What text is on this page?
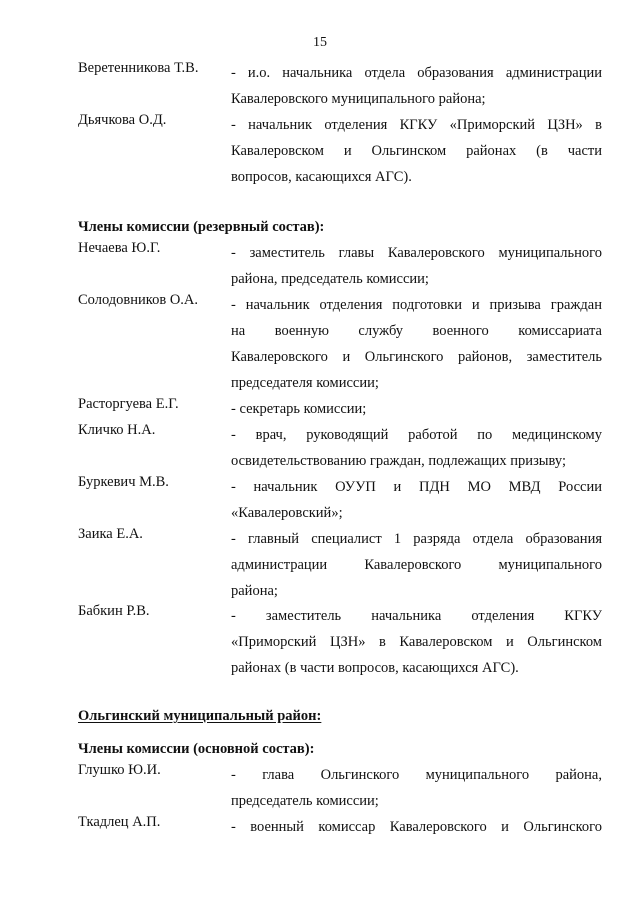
15
Веретенникова Т.В.	- и.о. начальника отдела образования администрации
Кавалеровского муниципального района;
Дьячкова О.Д.	- начальник отделения КГКУ «Приморский ЦЗН» в
Кавалеровском и Ольгинском районах (в части
вопросов, касающихся АГС).
Члены комиссии (резервный состав):
Нечаева Ю.Г.	- заместитель главы Кавалеровского муниципального
района, председатель комиссии;
Солодовников О.А.	- начальник отделения подготовки и призыва граждан
на военную службу военного комиссариата
Кавалеровского и Ольгинского районов, заместитель
председателя комиссии;
Расторгуева Е.Г.	- секретарь комиссии;
Кличко Н.А.	- врач, руководящий работой по медицинскому
освидетельствованию граждан, подлежащих призыву;
Буркевич М.В.	- начальник ОУУП и ПДН МО МВД России
«Кавалеровский»;
Заика Е.А.	- главный специалист 1 разряда отдела образования
администрации Кавалеровского муниципального
района;
Бабкин Р.В.	- заместитель начальника отделения КГКУ
«Приморский ЦЗН» в Кавалеровском и Ольгинском
районах (в части вопросов, касающихся АГС).
Ольгинский муниципальный район:
Члены комиссии (основной состав):
Глушко Ю.И.	- глава Ольгинского муниципального района,
председатель комиссии;
Ткадлец А.П.	- военный комиссар Кавалеровского и Ольгинского
